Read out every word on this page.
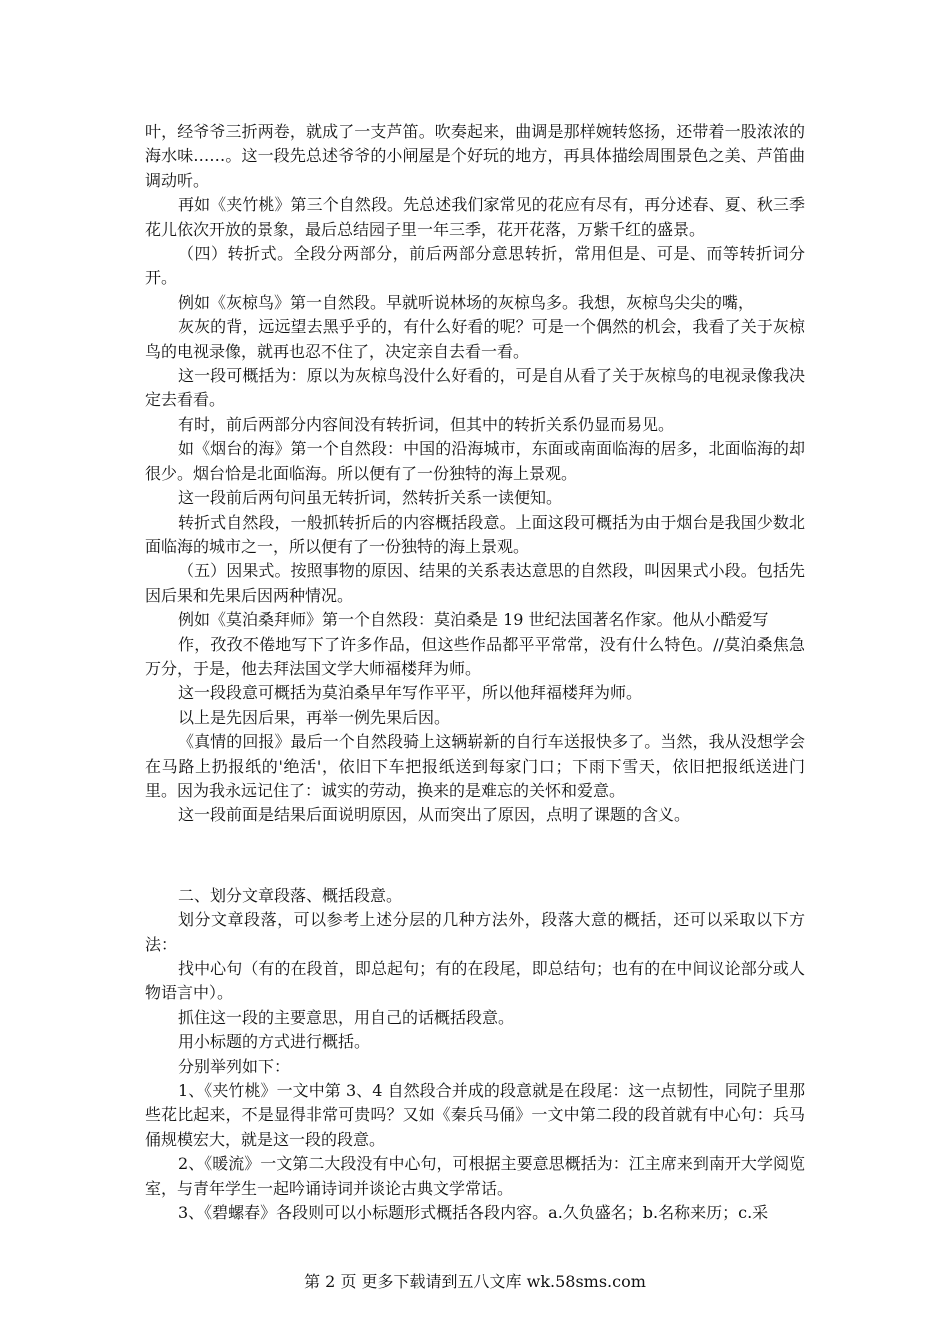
叶，经爷爷三折两卷，就成了一支芦笛。吹奏起来，曲调是那样婉转悠扬，还带着一股浓浓的海水味……。这一段先总述爷爷的小闸屋是个好玩的地方，再具体描绘周围景色之美、芦笛曲调动听。

再如《夹竹桃》第三个自然段。先总述我们家常见的花应有尽有，再分述春、夏、秋三季花儿依次开放的景象，最后总结园子里一年三季，花开花落，万紫千红的盛景。

（四）转折式。全段分两部分，前后两部分意思转折，常用但是、可是、而等转折词分开。

例如《灰椋鸟》第一自然段。早就听说林场的灰椋鸟多。我想，灰椋鸟尖尖的嘴，

灰灰的背，远远望去黑乎乎的，有什么好看的呢？可是一个偶然的机会，我看了关于灰椋鸟的电视录像，就再也忍不住了，决定亲自去看一看。

这一段可概括为：原以为灰椋鸟没什么好看的，可是自从看了关于灰椋鸟的电视录像我决定去看看。

有时，前后两部分内容间没有转折词，但其中的转折关系仍显而易见。

如《烟台的海》第一个自然段：中国的沿海城市，东面或南面临海的居多，北面临海的却很少。烟台恰是北面临海。所以便有了一份独特的海上景观。

这一段前后两句问虽无转折词，然转折关系一读便知。

转折式自然段，一般抓转折后的内容概括段意。上面这段可概括为由于烟台是我国少数北面临海的城市之一，所以便有了一份独特的海上景观。

（五）因果式。按照事物的原因、结果的关系表达意思的自然段，叫因果式小段。包括先因后果和先果后因两种情况。

例如《莫泊桑拜师》第一个自然段：莫泊桑是 19 世纪法国著名作家。他从小酷爱写

作，孜孜不倦地写下了许多作品，但这些作品都平平常常，没有什么特色。//莫泊桑焦急万分，于是，他去拜法国文学大师福楼拜为师。

这一段段意可概括为莫泊桑早年写作平平，所以他拜福楼拜为师。

以上是先因后果，再举一例先果后因。

《真情的回报》最后一个自然段骑上这辆崭新的自行车送报快多了。当然，我从没想学会在马路上扔报纸的'绝活'，依旧下车把报纸送到每家门口；下雨下雪天，依旧把报纸送进门里。因为我永远记住了：诚实的劳动，换来的是难忘的关怀和爱意。

这一段前面是结果后面说明原因，从而突出了原因，点明了课题的含义。

二、划分文章段落、概括段意。

划分文章段落，可以参考上述分层的几种方法外，段落大意的概括，还可以采取以下方法：

找中心句（有的在段首，即总起句；有的在段尾，即总结句；也有的在中间议论部分或人物语言中）。

抓住这一段的主要意思，用自己的话概括段意。

用小标题的方式进行概括。

分别举列如下：

1、《夹竹桃》一文中第 3、4 自然段合并成的段意就是在段尾：这一点韧性，同院子里那些花比起来，不是显得非常可贵吗？又如《秦兵马俑》一文中第二段的段首就有中心句：兵马俑规模宏大，就是这一段的段意。

2、《暖流》一文第二大段没有中心句，可根据主要意思概括为：江主席来到南开大学阅览室，与青年学生一起吟诵诗词并谈论古典文学常话。

3、《碧螺春》各段则可以小标题形式概括各段内容。a.久负盛名；b.名称来历；c.采

第 2 页 更多下载请到五八文库 wk.58sms.com
